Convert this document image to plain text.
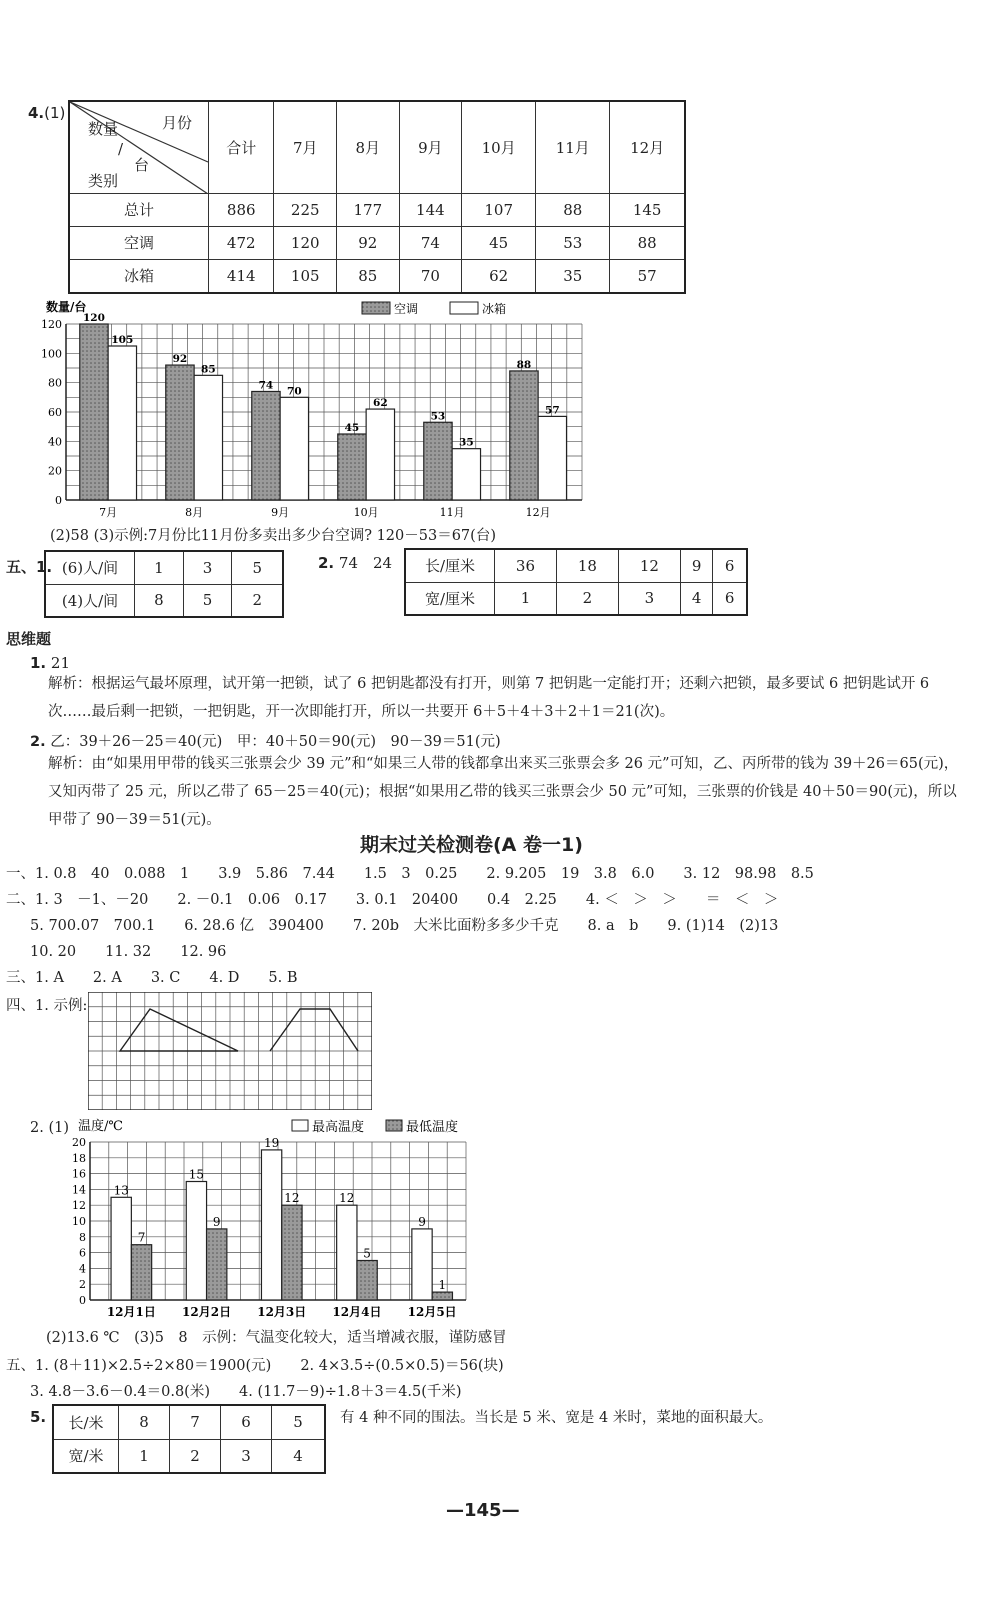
4.(1)
月份
数量
/
台
类别	合计	7月	8月	9月	10月	11月	12月
总计	886	225	177	144	107	88	145
空调	472	120	92	74	45	53	88
冰箱	414	105	85	70	62	35	57
0
20
40
60
80
100
120
数量/台	空调	冰箱
120
105
7月
92
85
8月
74 70
9月
45
62
10月
53
35
11月
88
57
12月
(2)58 (3)示例:7月份比11月份多卖出多少台空调? 120－53＝67(台)
五、1. (6)人/间	1	3	5
(4)人/间	8	5	2
2. 74　24 长/厘米	36	18	12	9	6
宽/厘米	1	2	3	4	6
思维题
1. 21
解析：根据运气最坏原理，试开第一把锁，试了 6 把钥匙都没有打开，则第 7 把钥匙一定能打开；还剩六把锁，最多要试 6 把钥匙试开 6 次……最后剩一把锁，一把钥匙，开一次即能打开，所以一共要开 6＋5＋4＋3＋2＋1＝21(次)。
2. 乙：39＋26－25＝40(元)　甲：40＋50＝90(元)　90－39＝51(元)
解析：由“如果用甲带的钱买三张票会少 39 元”和“如果三人带的钱都拿出来买三张票会多 26 元”可知，乙、丙所带的钱为 39＋26＝65(元)，又知丙带了 25 元，所以乙带了 65－25＝40(元)；根据“如果用乙带的钱买三张票会少 50 元”可知，三张票的价钱是 40＋50＝90(元)，所以甲带了 90－39＝51(元)。
期末过关检测卷(A 卷一1)
一、1. 0.8　40　0.088　1　　3.9　5.86　7.44　　1.5　3　0.25　　2. 9.205　19　3.8　6.0　　3. 12　98.98　8.5
二、1. 3　－1、－20　　2. －0.1　0.06　0.17　　3. 0.1　20400　　0.4　2.25　　4. ＜　＞　＞　　＝　＜　＞
5. 700.07　700.1　　6. 28.6 亿　390400　　7. 20b　大米比面粉多多少千克　　8. a　b　　9. (1)14　(2)13
10. 20　　11. 32　　12. 96
三、1. A　　2. A　　3. C　　4. D　　5. B
四、1. 示例:
2. (1)
0
2
4
6
8
10
12
14
16
18
20
温度/℃	最高温度	最低温度
13
7
12月1日
15
9
12月2日
19
12
12月3日
12
5
12月4日
9
1
12月5日
(2)13.6 ℃　(3)5　8　示例：气温变化较大，适当增减衣服，谨防感冒
五、1. (8＋11)×2.5÷2×80＝1900(元)　　2. 4×3.5÷(0.5×0.5)＝56(块)
3. 4.8－3.6－0.4＝0.8(米)　　4. (11.7－9)÷1.8＋3＝4.5(千米)
5. 长/米	8	7	6	5
宽/米	1	2	3	4
有 4 种不同的围法。当长是 5 米、宽是 4 米时，菜地的面积最大。
—145—
